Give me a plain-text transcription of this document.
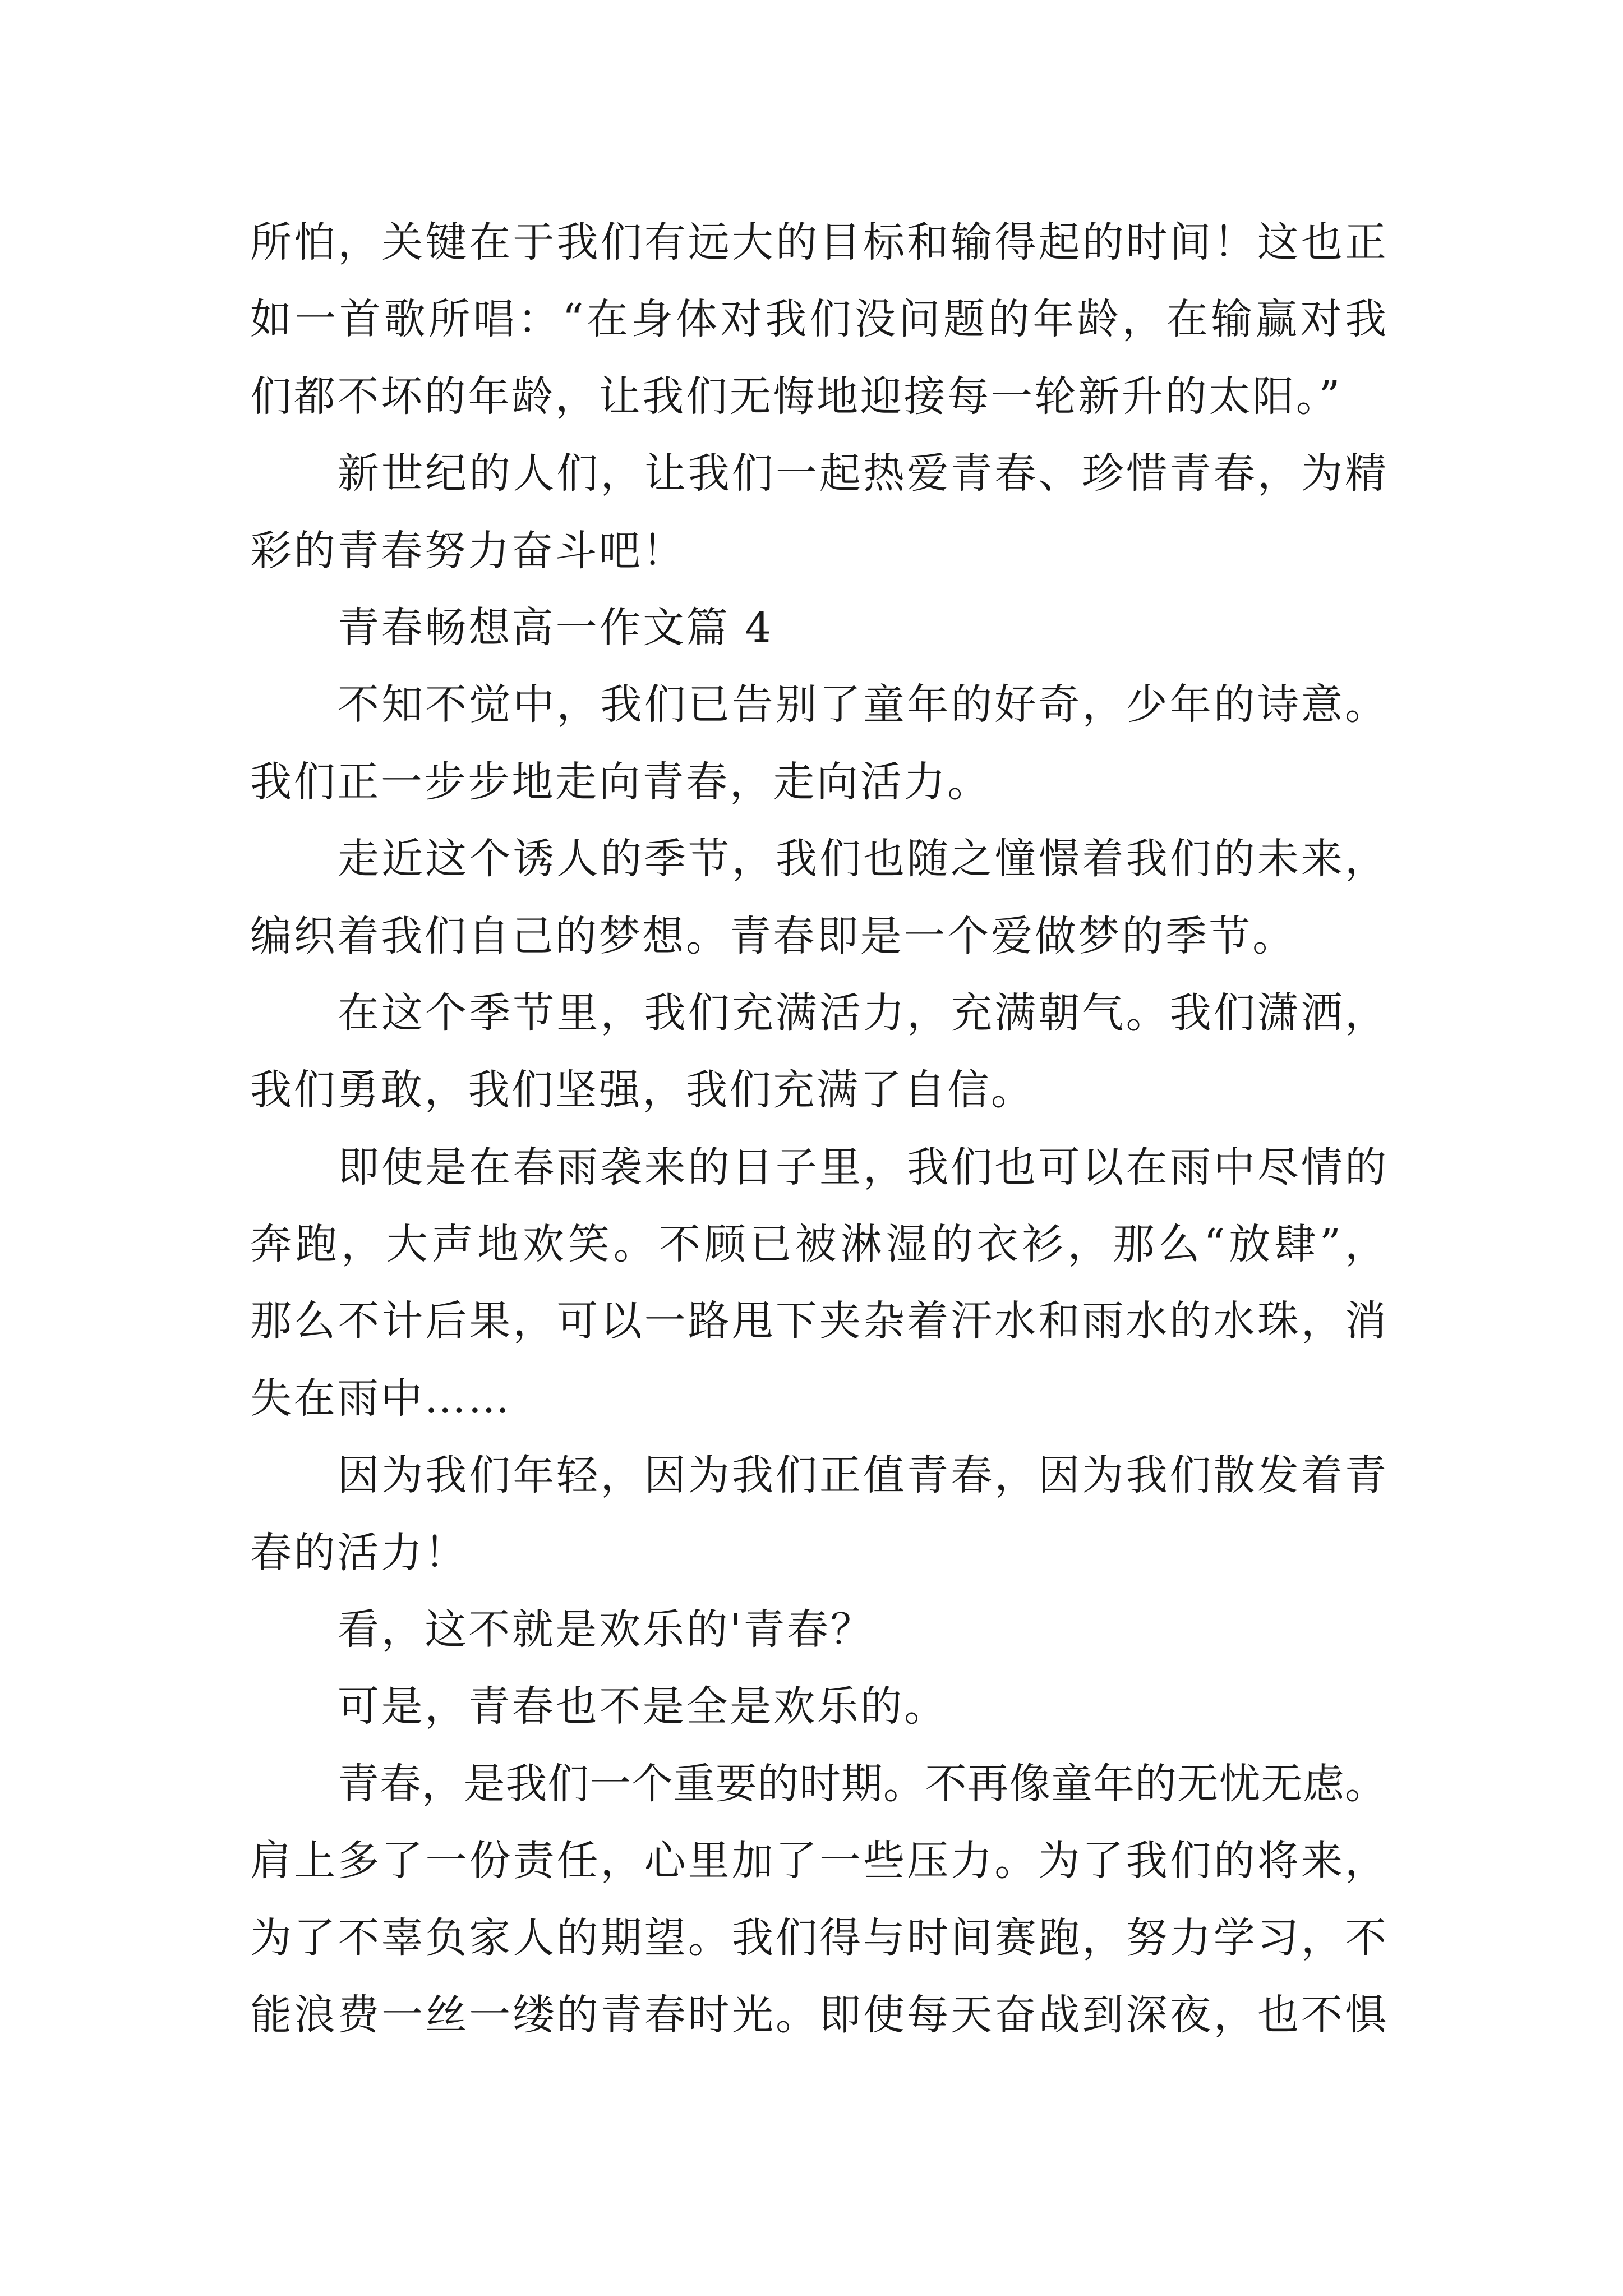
所怕，关键在于我们有远大的目标和输得起的时间！这也正
如一首歌所唱：“在身体对我们没问题的年龄，在输赢对我
们都不坏的年龄，让我们无悔地迎接每一轮新升的太阳。”
新世纪的人们，让我们一起热爱青春、珍惜青春，为精
彩的青春努力奋斗吧！
青春畅想高一作文篇 4
不知不觉中，我们已告别了童年的好奇，少年的诗意。
我们正一步步地走向青春，走向活力。
走近这个诱人的季节，我们也随之憧憬着我们的未来，
编织着我们自己的梦想。青春即是一个爱做梦的季节。
在这个季节里，我们充满活力，充满朝气。我们潇洒，
我们勇敢，我们坚强，我们充满了自信。
即使是在春雨袭来的日子里，我们也可以在雨中尽情的
奔跑，大声地欢笑。不顾已被淋湿的衣衫，那么“放肆”，
那么不计后果，可以一路甩下夹杂着汗水和雨水的水珠，消
失在雨中……
因为我们年轻，因为我们正值青春，因为我们散发着青
春的活力！
看，这不就是欢乐的'青春？
可是，青春也不是全是欢乐的。
青春，是我们一个重要的时期。不再像童年的无忧无虑。
肩上多了一份责任，心里加了一些压力。为了我们的将来，
为了不辜负家人的期望。我们得与时间赛跑，努力学习，不
能浪费一丝一缕的青春时光。即使每天奋战到深夜，也不惧
